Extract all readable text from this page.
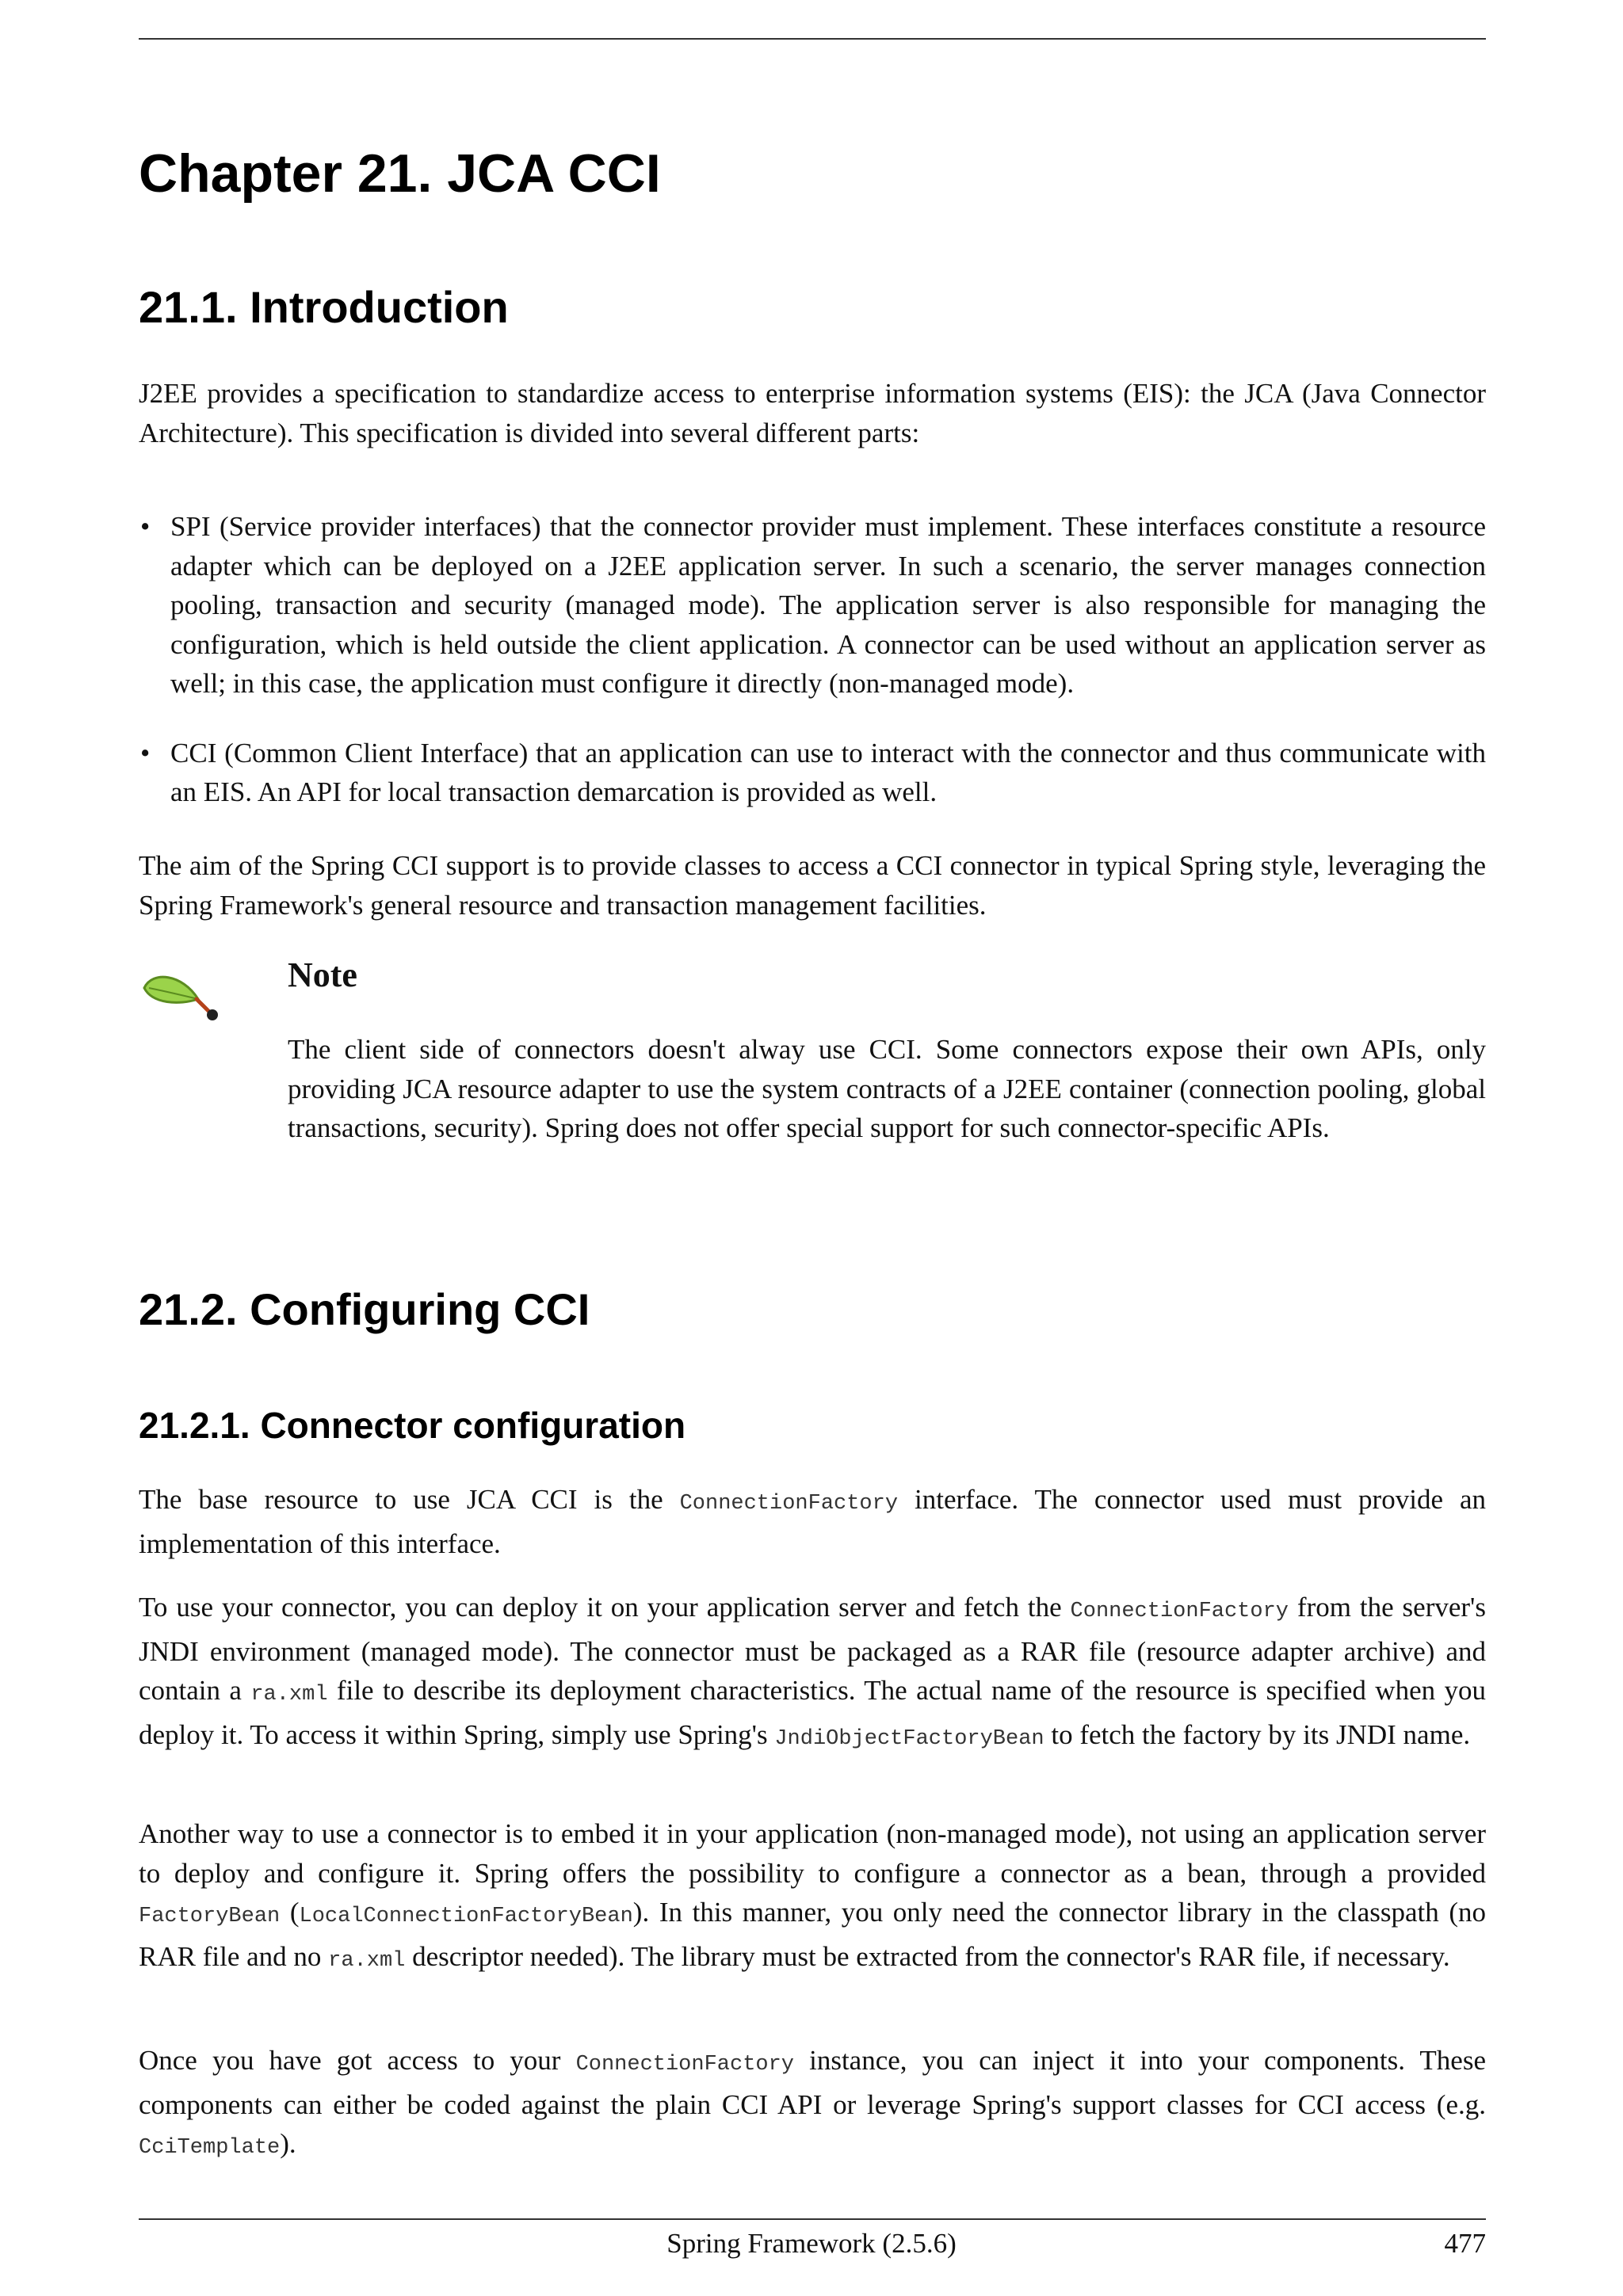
Chapter 21. JCA CCI
21.1. Introduction

J2EE provides a specification to standardize access to enterprise information systems (EIS): the JCA (Java Connector Architecture). This specification is divided into several different parts:

• SPI (Service provider interfaces) that the connector provider must implement. These interfaces constitute a resource adapter which can be deployed on a J2EE application server. In such a scenario, the server manages connection pooling, transaction and security (managed mode). The application server is also responsible for managing the configuration, which is held outside the client application. A connector can be used without an application server as well; in this case, the application must configure it directly (non-managed mode).
• CCI (Common Client Interface) that an application can use to interact with the connector and thus communicate with an EIS. An API for local transaction demarcation is provided as well.

The aim of the Spring CCI support is to provide classes to access a CCI connector in typical Spring style, leveraging the Spring Framework's general resource and transaction management facilities.

Note

The client side of connectors doesn't alway use CCI. Some connectors expose their own APIs, only providing JCA resource adapter to use the system contracts of a J2EE container (connection pooling, global transactions, security). Spring does not offer special support for such connector-specific APIs.

21.2. Configuring CCI
21.2.1. Connector configuration

The base resource to use JCA CCI is the ConnectionFactory interface. The connector used must provide an implementation of this interface.

To use your connector, you can deploy it on your application server and fetch the ConnectionFactory from the server's JNDI environment (managed mode). The connector must be packaged as a RAR file (resource adapter archive) and contain a ra.xml file to describe its deployment characteristics. The actual name of the resource is specified when you deploy it. To access it within Spring, simply use Spring's JndiObjectFactoryBean to fetch the factory by its JNDI name.

Another way to use a connector is to embed it in your application (non-managed mode), not using an application server to deploy and configure it. Spring offers the possibility to configure a connector as a bean, through a provided FactoryBean (LocalConnectionFactoryBean). In this manner, you only need the connector library in the classpath (no RAR file and no ra.xml descriptor needed). The library must be extracted from the connector's RAR file, if necessary.

Once you have got access to your ConnectionFactory instance, you can inject it into your components. These components can either be coded against the plain CCI API or leverage Spring's support classes for CCI access (e.g. CciTemplate).

Spring Framework (2.5.6)	477
